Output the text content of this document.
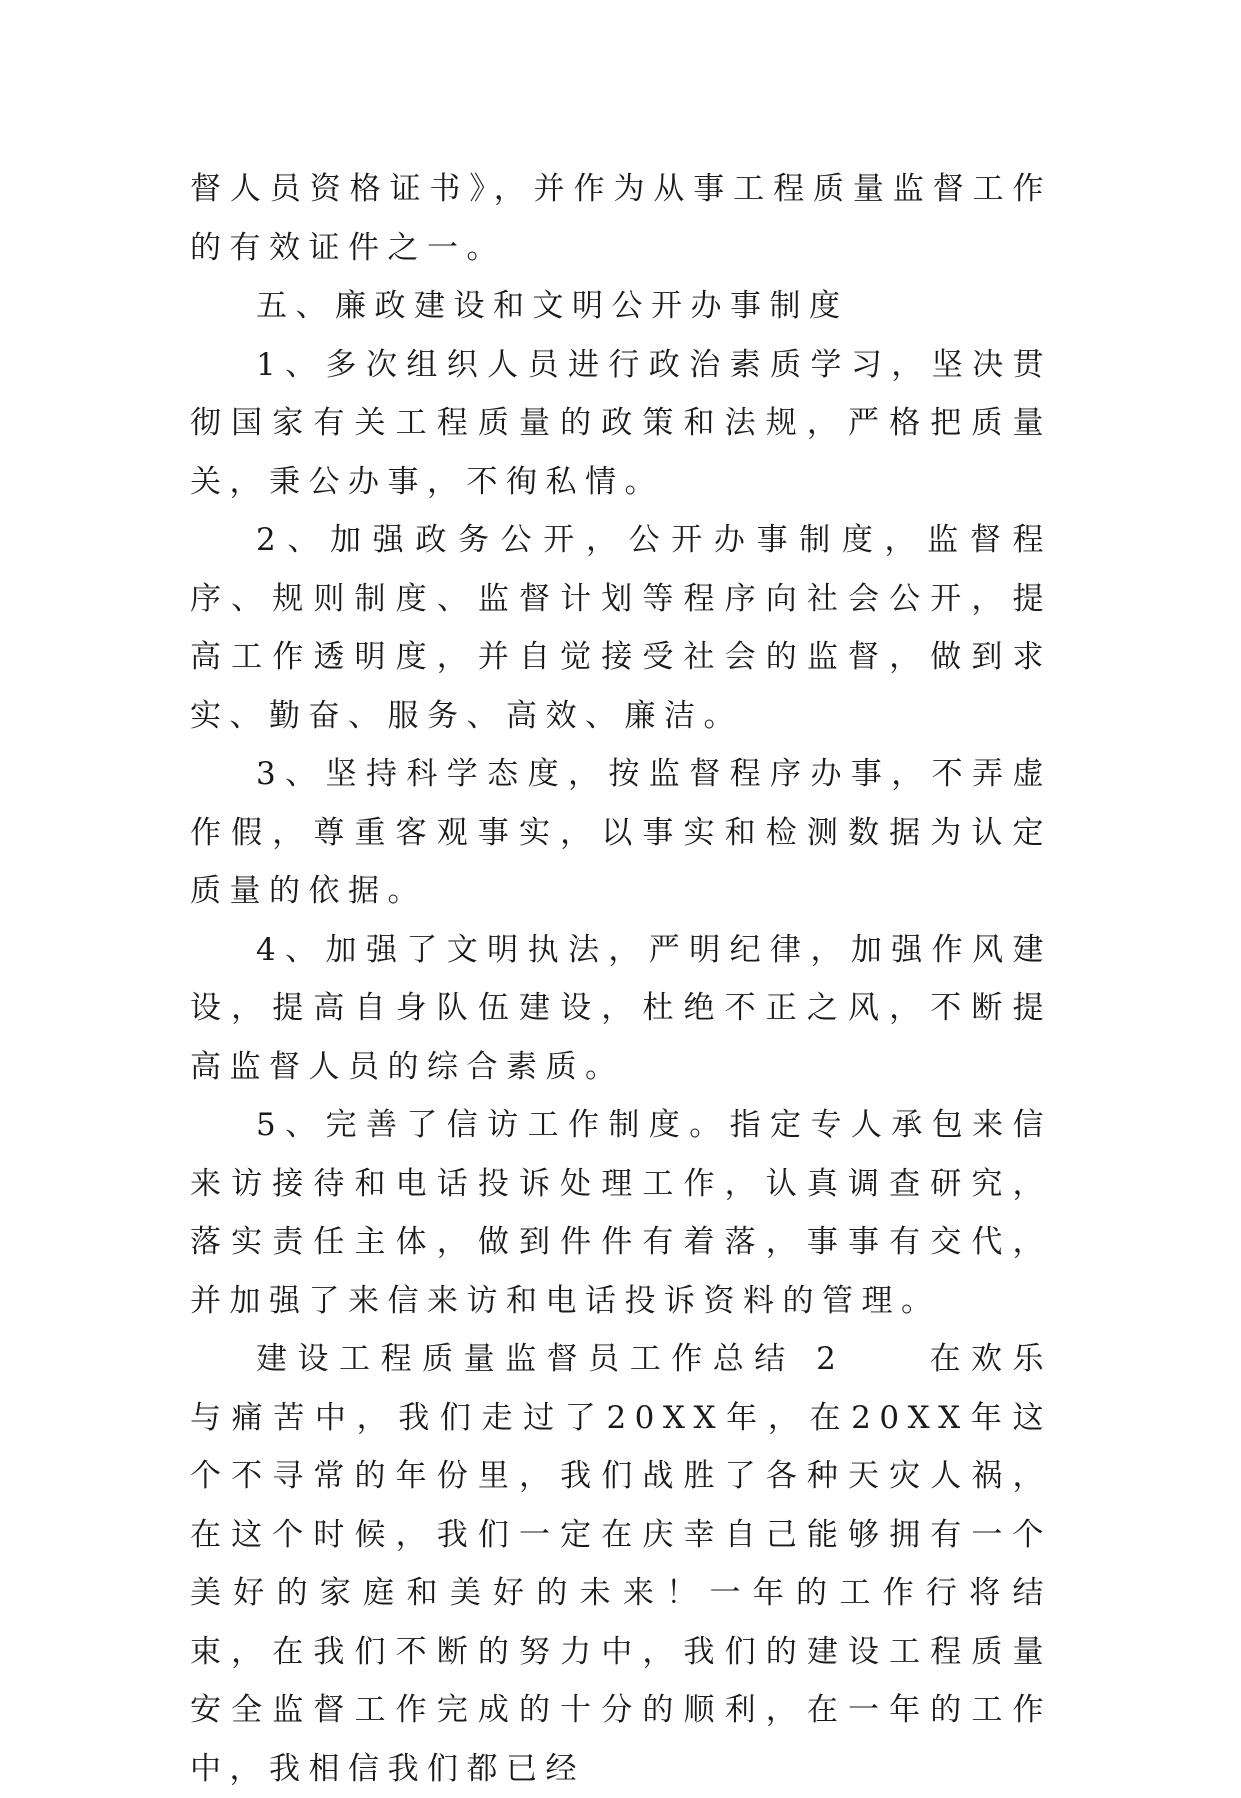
督人员资格证书》，并作为从事工程质量监督工作的有效证件之一。

五、廉政建设和文明公开办事制度

1、多次组织人员进行政治素质学习，坚决贯彻国家有关工程质量的政策和法规，严格把质量关，秉公办事，不徇私情。

2、加强政务公开，公开办事制度，监督程序、规则制度、监督计划等程序向社会公开，提高工作透明度，并自觉接受社会的监督，做到求实、勤奋、服务、高效、廉洁。

3、坚持科学态度，按监督程序办事，不弄虚作假，尊重客观事实，以事实和检测数据为认定质量的依据。

4、加强了文明执法，严明纪律，加强作风建设，提高自身队伍建设，杜绝不正之风，不断提高监督人员的综合素质。

5、完善了信访工作制度。指定专人承包来信来访接待和电话投诉处理工作，认真调查研究，落实责任主体，做到件件有着落，事事有交代，并加强了来信来访和电话投诉资料的管理。

建设工程质量监督员工作总结 2　　在欢乐与痛苦中，我们走过了20XX年，在20XX年这个不寻常的年份里，我们战胜了各种天灾人祸，在这个时候，我们一定在庆幸自己能够拥有一个美好的家庭和美好的未来！一年的工作行将结束，在我们不断的努力中，我们的建设工程质量安全监督工作完成的十分的顺利，在一年的工作中，我相信我们都已经
